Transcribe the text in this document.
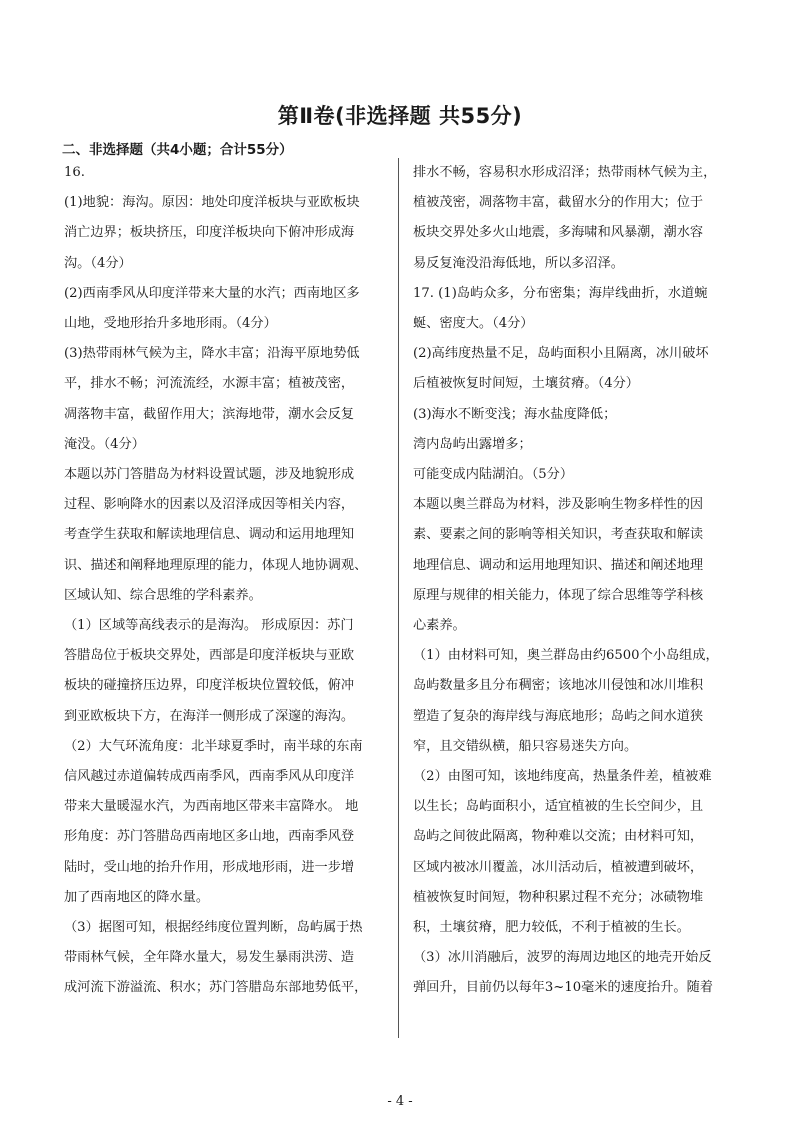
第Ⅱ卷(非选择题 共55分)
二、非选择题（共4小题；合计55分）

16.

(1)地貌：海沟。原因：地处印度洋板块与亚欧板块

消亡边界；板块挤压，印度洋板块向下俯冲形成海

沟。（4分）

(2)西南季风从印度洋带来大量的水汽；西南地区多

山地，受地形抬升多地形雨。（4分）

(3)热带雨林气候为主，降水丰富；沿海平原地势低

平，排水不畅；河流流经，水源丰富；植被茂密，

凋落物丰富，截留作用大；滨海地带，潮水会反复

淹没。（4分）

本题以苏门答腊岛为材料设置试题，涉及地貌形成

过程、影响降水的因素以及沼泽成因等相关内容，

考查学生获取和解读地理信息、调动和运用地理知

识、描述和阐释地理原理的能力，体现人地协调观、

区域认知、综合思维的学科素养。

（1）区域等高线表示的是海沟。 形成原因：苏门

答腊岛位于板块交界处，西部是印度洋板块与亚欧

板块的碰撞挤压边界，印度洋板块位置较低，俯冲

到亚欧板块下方，在海洋一侧形成了深邃的海沟。

（2）大气环流角度：北半球夏季时，南半球的东南

信风越过赤道偏转成西南季风，西南季风从印度洋

带来大量暖湿水汽，为西南地区带来丰富降水。 地

形角度：苏门答腊岛西南地区多山地，西南季风登

陆时，受山地的抬升作用，形成地形雨，进一步增

加了西南地区的降水量。

（3）据图可知，根据经纬度位置判断，岛屿属于热

带雨林气候，全年降水量大，易发生暴雨洪涝、造

成河流下游溢流、积水；苏门答腊岛东部地势低平，

排水不畅，容易积水形成沼泽；热带雨林气候为主，

植被茂密，凋落物丰富，截留水分的作用大；位于

板块交界处多火山地震，多海啸和风暴潮，潮水容

易反复淹没沿海低地，所以多沼泽。

17. (1)岛屿众多，分布密集；海岸线曲折，水道蜿

蜒、密度大。（4分）

(2)高纬度热量不足，岛屿面积小且隔离，冰川破坏

后植被恢复时间短，土壤贫瘠。（4分）

(3)海水不断变浅；海水盐度降低；

湾内岛屿出露增多；

可能变成内陆湖泊。（5分）

本题以奥兰群岛为材料，涉及影响生物多样性的因

素、要素之间的影响等相关知识，考查获取和解读

地理信息、调动和运用地理知识、描述和阐述地理

原理与规律的相关能力，体现了综合思维等学科核

心素养。

（1）由材料可知，奥兰群岛由约6500个小岛组成，

岛屿数量多且分布稠密；该地冰川侵蚀和冰川堆积

塑造了复杂的海岸线与海底地形；岛屿之间水道狭

窄，且交错纵横，船只容易迷失方向。

（2）由图可知，该地纬度高，热量条件差，植被难

以生长；岛屿面积小，适宜植被的生长空间少，且

岛屿之间彼此隔离，物种难以交流；由材料可知，

区域内被冰川覆盖，冰川活动后，植被遭到破坏，

植被恢复时间短，物种积累过程不充分；冰碛物堆

积，土壤贫瘠，肥力较低，不利于植被的生长。

（3）冰川消融后，波罗的海周边地区的地壳开始反

弹回升，目前仍以每年3~10毫米的速度抬升。随着

- 4 -
